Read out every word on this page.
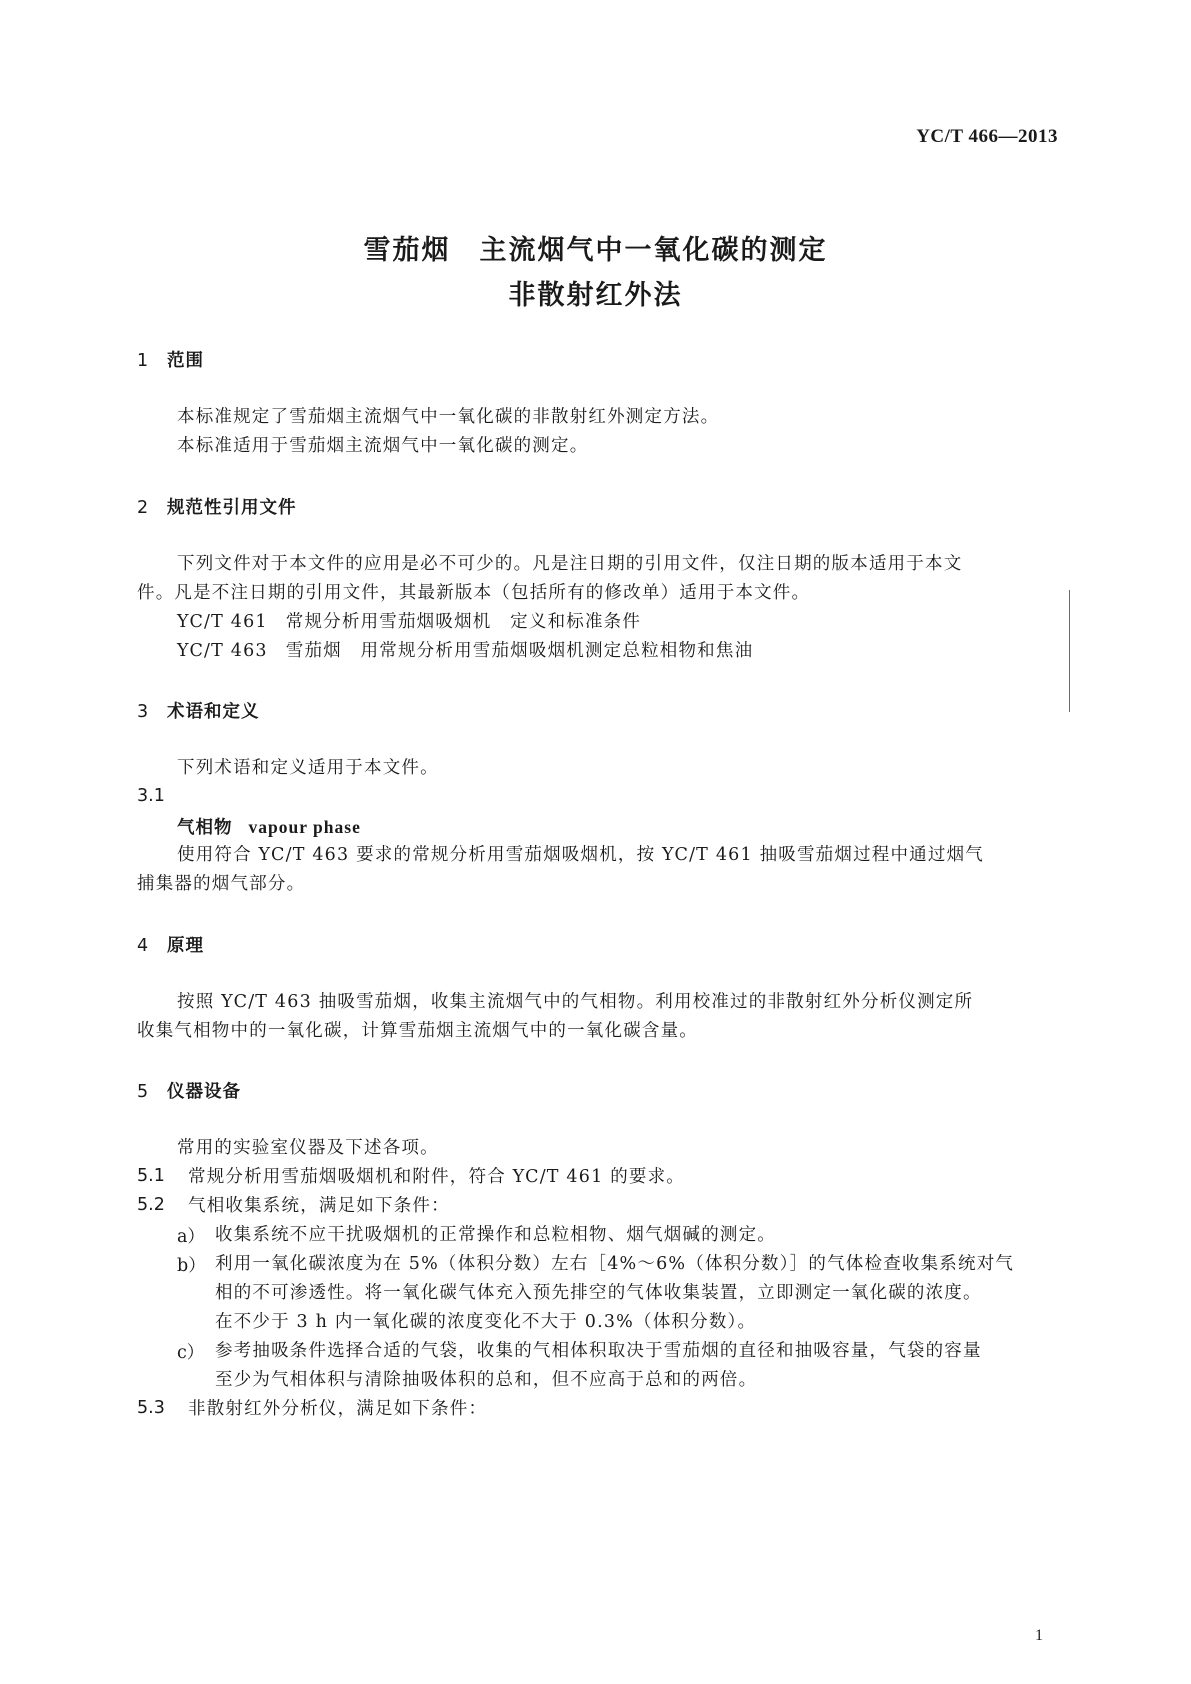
YC/T 466—2013
雪茄烟　主流烟气中一氧化碳的测定
非散射红外法
1 范围
本标准规定了雪茄烟主流烟气中一氧化碳的非散射红外测定方法。
本标准适用于雪茄烟主流烟气中一氧化碳的测定。
2 规范性引用文件
下列文件对于本文件的应用是必不可少的。凡是注日期的引用文件，仅注日期的版本适用于本文
件。凡是不注日期的引用文件，其最新版本（包括所有的修改单）适用于本文件。
YC/T 461 常规分析用雪茄烟吸烟机　定义和标准条件
YC/T 463 雪茄烟　用常规分析用雪茄烟吸烟机测定总粒相物和焦油
3 术语和定义
下列术语和定义适用于本文件。
3.1
气相物 vapour phase
使用符合 YC/T 463 要求的常规分析用雪茄烟吸烟机，按 YC/T 461 抽吸雪茄烟过程中通过烟气
捕集器的烟气部分。
4 原理
按照 YC/T 463 抽吸雪茄烟，收集主流烟气中的气相物。利用校准过的非散射红外分析仪测定所
收集气相物中的一氧化碳，计算雪茄烟主流烟气中的一氧化碳含量。
5 仪器设备
常用的实验室仪器及下述各项。
5.1 常规分析用雪茄烟吸烟机和附件，符合 YC/T 461 的要求。
5.2 气相收集系统，满足如下条件：
a） 收集系统不应干扰吸烟机的正常操作和总粒相物、烟气烟碱的测定。
b） 利用一氧化碳浓度为在 5%（体积分数）左右［4%～6%（体积分数）］的气体检查收集系统对气
相的不可渗透性。将一氧化碳气体充入预先排空的气体收集装置，立即测定一氧化碳的浓度。
在不少于 3 h 内一氧化碳的浓度变化不大于 0.3%（体积分数）。
c） 参考抽吸条件选择合适的气袋，收集的气相体积取决于雪茄烟的直径和抽吸容量，气袋的容量
至少为气相体积与清除抽吸体积的总和，但不应高于总和的两倍。
5.3 非散射红外分析仪，满足如下条件：
1
